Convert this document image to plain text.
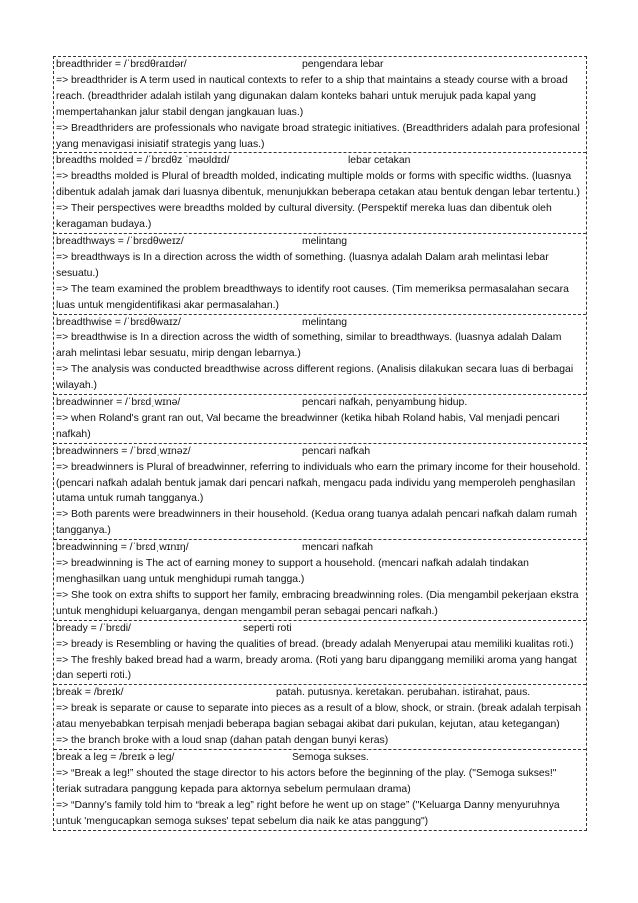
breadthrider = /ˈbrɛdθraɪdər/	pengendara lebar
=> breadthrider is A term used in nautical contexts to refer to a ship that maintains a steady course with a broad reach. (breadthrider adalah istilah yang digunakan dalam konteks bahari untuk merujuk pada kapal yang mempertahankan jalur stabil dengan jangkauan luas.)
=> Breadthriders are professionals who navigate broad strategic initiatives. (Breadthriders adalah para profesional yang menavigasi inisiatif strategis yang luas.)
breadths molded = /ˈbrɛdθz ˈməʊldɪd/	lebar cetakan
=> breadths molded is Plural of breadth molded, indicating multiple molds or forms with specific widths. (luasnya dibentuk adalah jamak dari luasnya dibentuk, menunjukkan beberapa cetakan atau bentuk dengan lebar tertentu.)
=> Their perspectives were breadths molded by cultural diversity. (Perspektif mereka luas dan dibentuk oleh keragaman budaya.)
breadthways = /ˈbrɛdθweɪz/	melintang
=> breadthways is In a direction across the width of something. (luasnya adalah Dalam arah melintasi lebar sesuatu.)
=> The team examined the problem breadthways to identify root causes. (Tim memeriksa permasalahan secara luas untuk mengidentifikasi akar permasalahan.)
breadthwise = /ˈbrɛdθwaɪz/	melintang
=> breadthwise is In a direction across the width of something, similar to breadthways. (luasnya adalah Dalam arah melintasi lebar sesuatu, mirip dengan lebarnya.)
=> The analysis was conducted breadthwise across different regions. (Analisis dilakukan secara luas di berbagai wilayah.)
breadwinner = /ˈbrɛdˌwɪnə/	pencari nafkah, penyambung hidup.
=> when Roland's grant ran out, Val became the breadwinner (ketika hibah Roland habis, Val menjadi pencari nafkah)
breadwinners = /ˈbrɛdˌwɪnəz/	pencari nafkah
=> breadwinners is Plural of breadwinner, referring to individuals who earn the primary income for their household. (pencari nafkah adalah bentuk jamak dari pencari nafkah, mengacu pada individu yang memperoleh penghasilan utama untuk rumah tangganya.)
=> Both parents were breadwinners in their household. (Kedua orang tuanya adalah pencari nafkah dalam rumah tangganya.)
breadwinning = /ˈbrɛdˌwɪnɪŋ/	mencari nafkah
=> breadwinning is The act of earning money to support a household. (mencari nafkah adalah tindakan menghasilkan uang untuk menghidupi rumah tangga.)
=> She took on extra shifts to support her family, embracing breadwinning roles. (Dia mengambil pekerjaan ekstra untuk menghidupi keluarganya, dengan mengambil peran sebagai pencari nafkah.)
bready = /ˈbrɛdi/	seperti roti
=> bready is Resembling or having the qualities of bread. (bready adalah Menyerupai atau memiliki kualitas roti.)
=> The freshly baked bread had a warm, bready aroma. (Roti yang baru dipanggang memiliki aroma yang hangat dan seperti roti.)
break = /breɪk/	patah. putusnya. keretakan. perubahan. istirahat, paus.
=> break is separate or cause to separate into pieces as a result of a blow, shock, or strain. (break adalah terpisah atau menyebabkan terpisah menjadi beberapa bagian sebagai akibat dari pukulan, kejutan, atau ketegangan)
=> the branch broke with a loud snap (dahan patah dengan bunyi keras)
break a leg = /breɪk ə leg/	Semoga sukses.
=> “Break a leg!” shouted the stage director to his actors before the beginning of the play. ("Semoga sukses!" teriak sutradara panggung kepada para aktornya sebelum permulaan drama)
=> “Danny’s family told him to “break a leg” right before he went up on stage” ("Keluarga Danny menyuruhnya untuk 'mengucapkan semoga sukses' tepat sebelum dia naik ke atas panggung")
